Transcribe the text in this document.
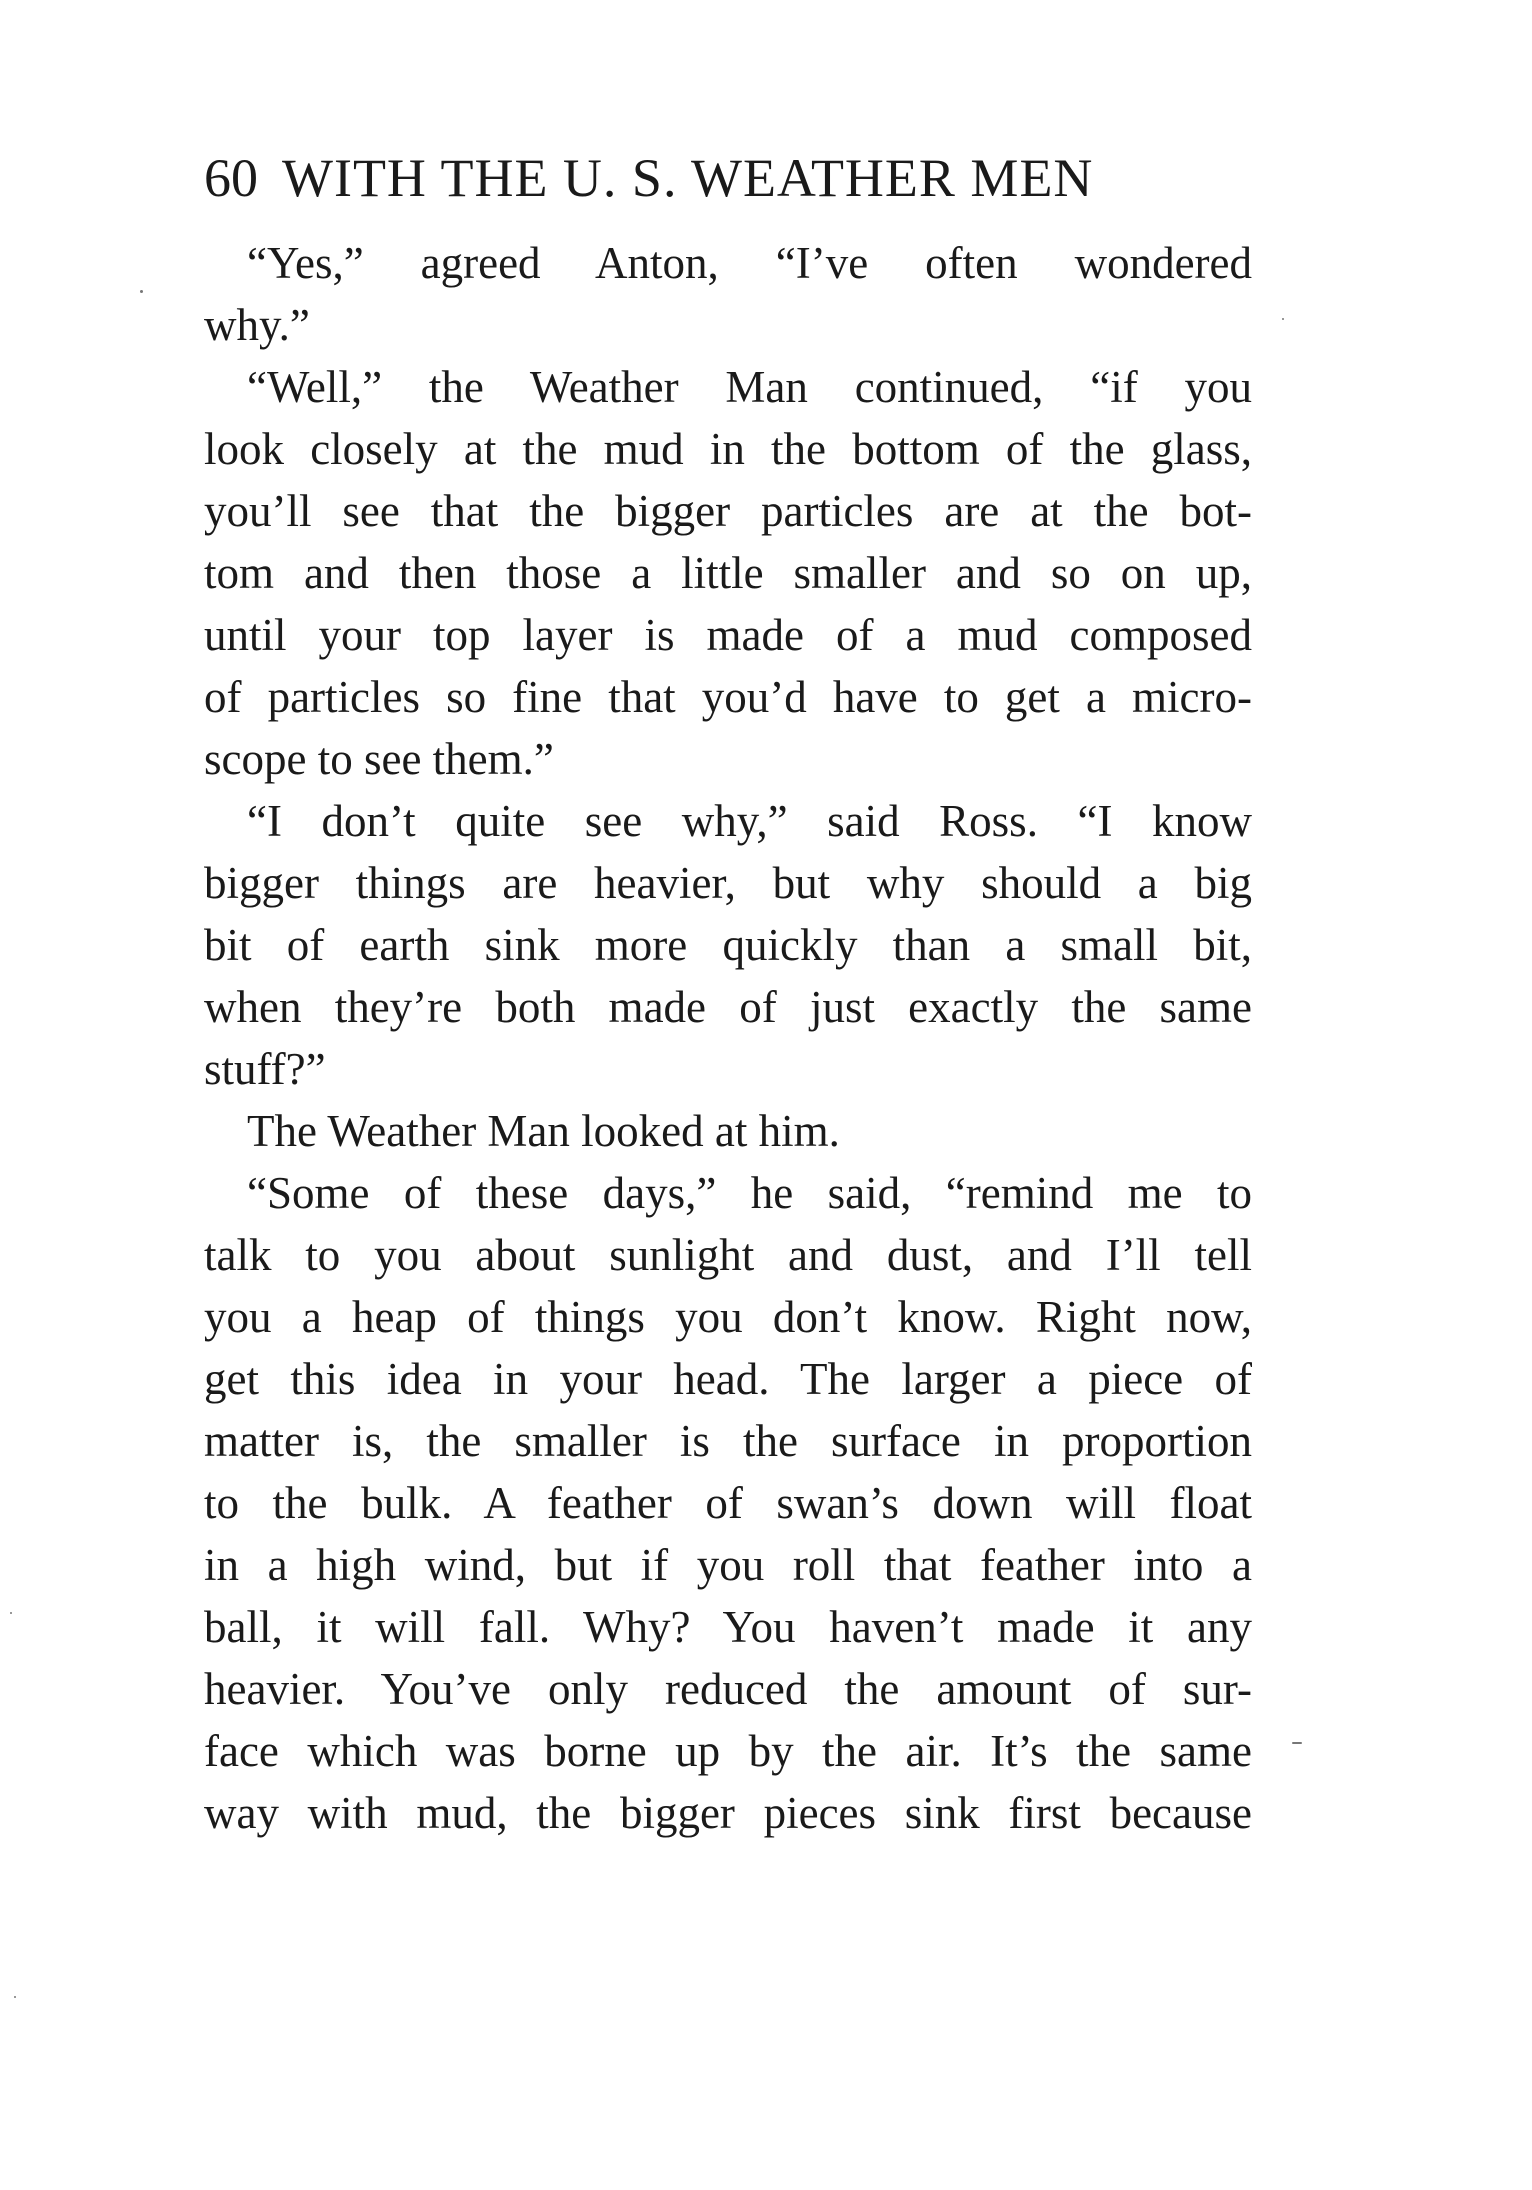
60 WITH THE U. S. WEATHER MEN
“Yes,” agreed Anton, “I’ve often wondered
why.”
“Well,” the Weather Man continued, “if you
look closely at the mud in the bottom of the glass,
you’ll see that the bigger particles are at the bot-
tom and then those a little smaller and so on up,
until your top layer is made of a mud composed
of particles so fine that you’d have to get a micro-
scope to see them.”
“I don’t quite see why,” said Ross. “I know
bigger things are heavier, but why should a big
bit of earth sink more quickly than a small bit,
when they’re both made of just exactly the same
stuff?”
The Weather Man looked at him.
“Some of these days,” he said, “remind me to
talk to you about sunlight and dust, and I’ll tell
you a heap of things you don’t know. Right now,
get this idea in your head. The larger a piece of
matter is, the smaller is the surface in proportion
to the bulk. A feather of swan’s down will float
in a high wind, but if you roll that feather into a
ball, it will fall. Why? You haven’t made it any
heavier. You’ve only reduced the amount of sur-
face which was borne up by the air. It’s the same
way with mud, the bigger pieces sink first because
